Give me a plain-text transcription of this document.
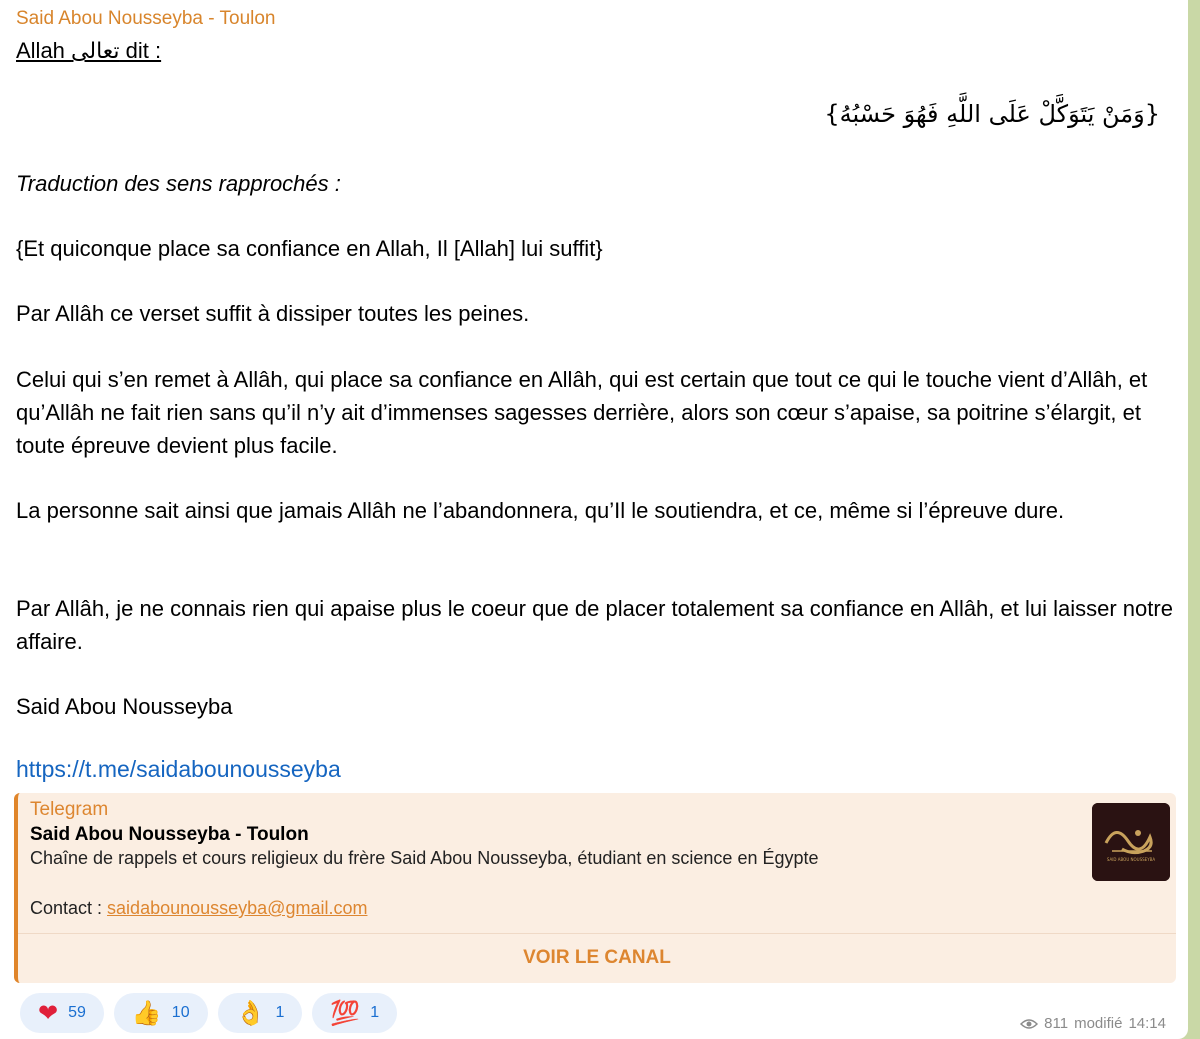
Said Abou Nousseyba - Toulon
Allah تعالى dit :
{وَمَنْ يَتَوَكَّلْ عَلَى اللَّهِ فَهُوَ حَسْبُهُ}
Traduction des sens rapprochés :
{Et quiconque place sa confiance en Allah, Il [Allah] lui suffit}
Par Allâh ce verset suffit à dissiper toutes les peines.
Celui qui s’en remet à Allâh, qui place sa confiance en Allâh, qui est certain que tout ce qui le touche vient d’Allâh, et qu’Allâh ne fait rien sans qu’il n’y ait d’immenses sagesses derrière, alors son cœur s’apaise, sa poitrine s’élargit, et toute épreuve devient plus facile.
La personne sait ainsi que jamais Allâh ne l’abandonnera, qu’Il le soutiendra, et ce, même si l’épreuve dure.
Par Allâh, je ne connais rien qui apaise plus le coeur que de placer totalement sa confiance en Allâh, et lui laisser notre affaire.
Said Abou Nousseyba
https://t.me/saidabounousseyba
Telegram
Said Abou Nousseyba - Toulon
Chaîne de rappels et cours religieux du frère Said Abou Nousseyba, étudiant en science en Égypte
Contact : saidabounousseyba@gmail.com
SAID ABOU NOUSSEYBA
VOIR LE CANAL
❤ 59 👍 10 👌 1 💯 1
811 modifié 14:14
